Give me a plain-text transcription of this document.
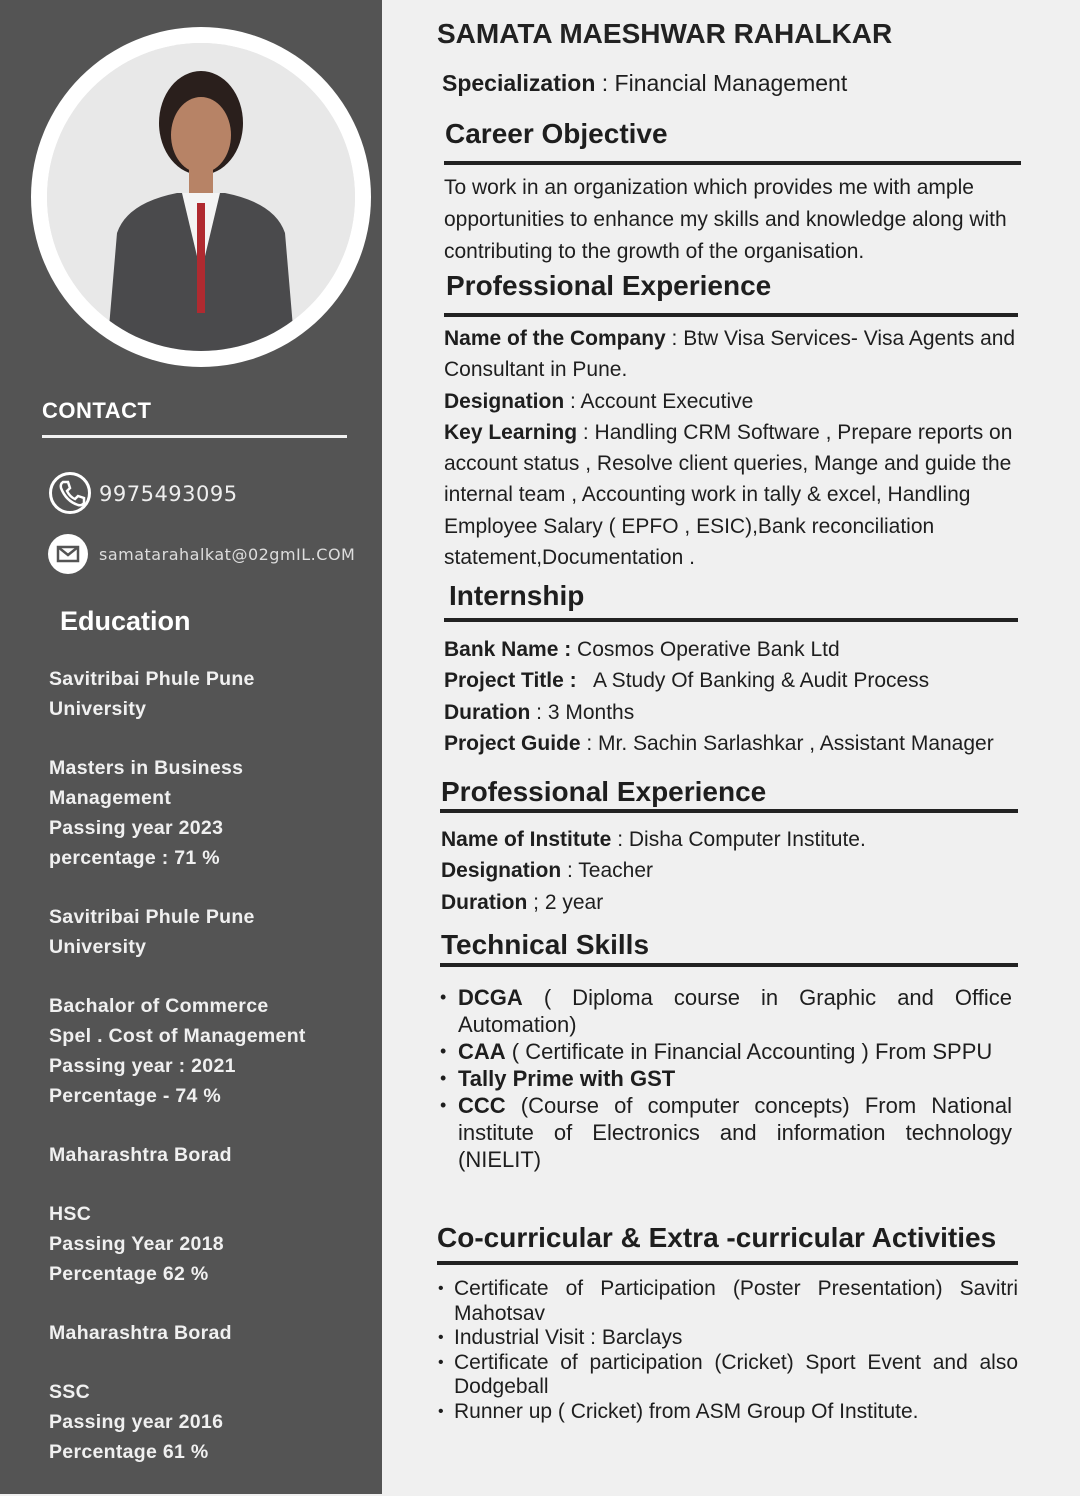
CONTACT
9975493095
samatarahalkat@02gmIL.COM
Education
Savitribai Phule Pune
University
Masters in Business
Management
Passing year 2023
percentage : 71 %
Savitribai Phule Pune
University
Bachalor of Commerce
Spel . Cost of Management
Passing year : 2021
Percentage - 74 %
Maharashtra Borad
HSC
Passing Year 2018
Percentage 62 %
Maharashtra Borad
SSC
Passing year 2016
Percentage 61 %
SAMATA MAESHWAR RAHALKAR
Specialization : Financial Management
Career Objective
To work in an organization which provides me with ample opportunities to enhance my skills and knowledge along with contributing to the growth of the organisation.
Professional Experience
Name of the Company : Btw Visa Services- Visa Agents and Consultant in Pune.
Designation : Account Executive
Key Learning : Handling CRM Software , Prepare reports on account status , Resolve client queries, Mange and guide the internal team , Accounting work in tally & excel, Handling Employee Salary ( EPFO , ESIC),Bank reconciliation statement,Documentation .
Internship
Bank Name : Cosmos Operative Bank Ltd
Project Title :   A Study Of Banking & Audit Process
Duration : 3 Months
Project Guide : Mr. Sachin Sarlashkar , Assistant Manager
Professional Experience
Name of Institute : Disha Computer Institute.
Designation : Teacher
Duration ; 2 year
Technical Skills
• DCGA ( Diploma course in Graphic and Office Automation)
• CAA ( Certificate in Financial Accounting ) From SPPU
• Tally Prime with GST
• CCC (Course of computer concepts) From National institute of Electronics and information technology (NIELIT)
Co-curricular & Extra -curricular Activities
• Certificate of Participation (Poster Presentation) Savitri Mahotsav
• Industrial Visit : Barclays
• Certificate of participation (Cricket) Sport Event and also Dodgeball
• Runner up ( Cricket) from ASM Group Of Institute.
